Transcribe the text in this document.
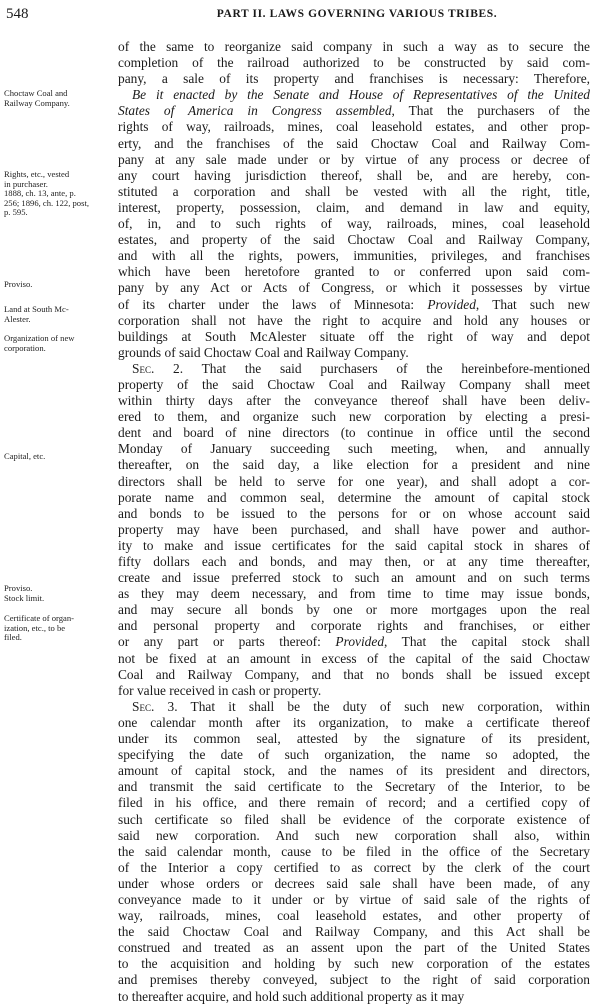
548	PART II. LAWS GOVERNING VARIOUS TRIBES.
Choctaw Coal and
Railway Company.
Rights, etc., vested
in purchaser.
1888, ch. 13, ante, p.
256; 1896, ch. 122, post,
p. 595.
Proviso.
Land at South Mc-
Alester.
Organization of new
corporation.
Capital, etc.
Proviso.
Stock limit.
Certificate of organ-
ization, etc., to be
filed.
of the same to reorganize said company in such a way as to secure the
completion of the railroad authorized to be constructed by said com-
pany, a sale of its property and franchises is necessary: Therefore,
Be it enacted by the Senate and House of Representatives of the United
States of America in Congress assembled, That the purchasers of the
rights of way, railroads, mines, coal leasehold estates, and other prop-
erty, and the franchises of the said Choctaw Coal and Railway Com-
pany at any sale made under or by virtue of any process or decree of
any court having jurisdiction thereof, shall be, and are hereby, con-
stituted a corporation and shall be vested with all the right, title,
interest, property, possession, claim, and demand in law and equity,
of, in, and to such rights of way, railroads, mines, coal leasehold
estates, and property of the said Choctaw Coal and Railway Company,
and with all the rights, powers, immunities, privileges, and franchises
which have been heretofore granted to or conferred upon said com-
pany by any Act or Acts of Congress, or which it possesses by virtue
of its charter under the laws of Minnesota: Provided, That such new
corporation shall not have the right to acquire and hold any houses or
buildings at South McAlester situate off the right of way and depot
grounds of said Choctaw Coal and Railway Company.
Sec. 2. That the said purchasers of the hereinbefore-mentioned
property of the said Choctaw Coal and Railway Company shall meet
within thirty days after the conveyance thereof shall have been deliv-
ered to them, and organize such new corporation by electing a presi-
dent and board of nine directors (to continue in office until the second
Monday of January succeeding such meeting, when, and annually
thereafter, on the said day, a like election for a president and nine
directors shall be held to serve for one year), and shall adopt a cor-
porate name and common seal, determine the amount of capital stock
and bonds to be issued to the persons for or on whose account said
property may have been purchased, and shall have power and author-
ity to make and issue certificates for the said capital stock in shares of
fifty dollars each and bonds, and may then, or at any time thereafter,
create and issue preferred stock to such an amount and on such terms
as they may deem necessary, and from time to time may issue bonds,
and may secure all bonds by one or more mortgages upon the real
and personal property and corporate rights and franchises, or either
or any part or parts thereof: Provided, That the capital stock shall
not be fixed at an amount in excess of the capital of the said Choctaw
Coal and Railway Company, and that no bonds shall be issued except
for value received in cash or property.
Sec. 3. That it shall be the duty of such new corporation, within
one calendar month after its organization, to make a certificate thereof
under its common seal, attested by the signature of its president,
specifying the date of such organization, the name so adopted, the
amount of capital stock, and the names of its president and directors,
and transmit the said certificate to the Secretary of the Interior, to be
filed in his office, and there remain of record; and a certified copy of
such certificate so filed shall be evidence of the corporate existence of
said new corporation. And such new corporation shall also, within
the said calendar month, cause to be filed in the office of the Secretary
of the Interior a copy certified to as correct by the clerk of the court
under whose orders or decrees said sale shall have been made, of any
conveyance made to it under or by virtue of said sale of the rights of
way, railroads, mines, coal leasehold estates, and other property of
the said Choctaw Coal and Railway Company, and this Act shall be
construed and treated as an assent upon the part of the United States
to the acquisition and holding by such new corporation of the estates
and premises thereby conveyed, subject to the right of said corporation
to thereafter acquire, and hold such additional property as it may
